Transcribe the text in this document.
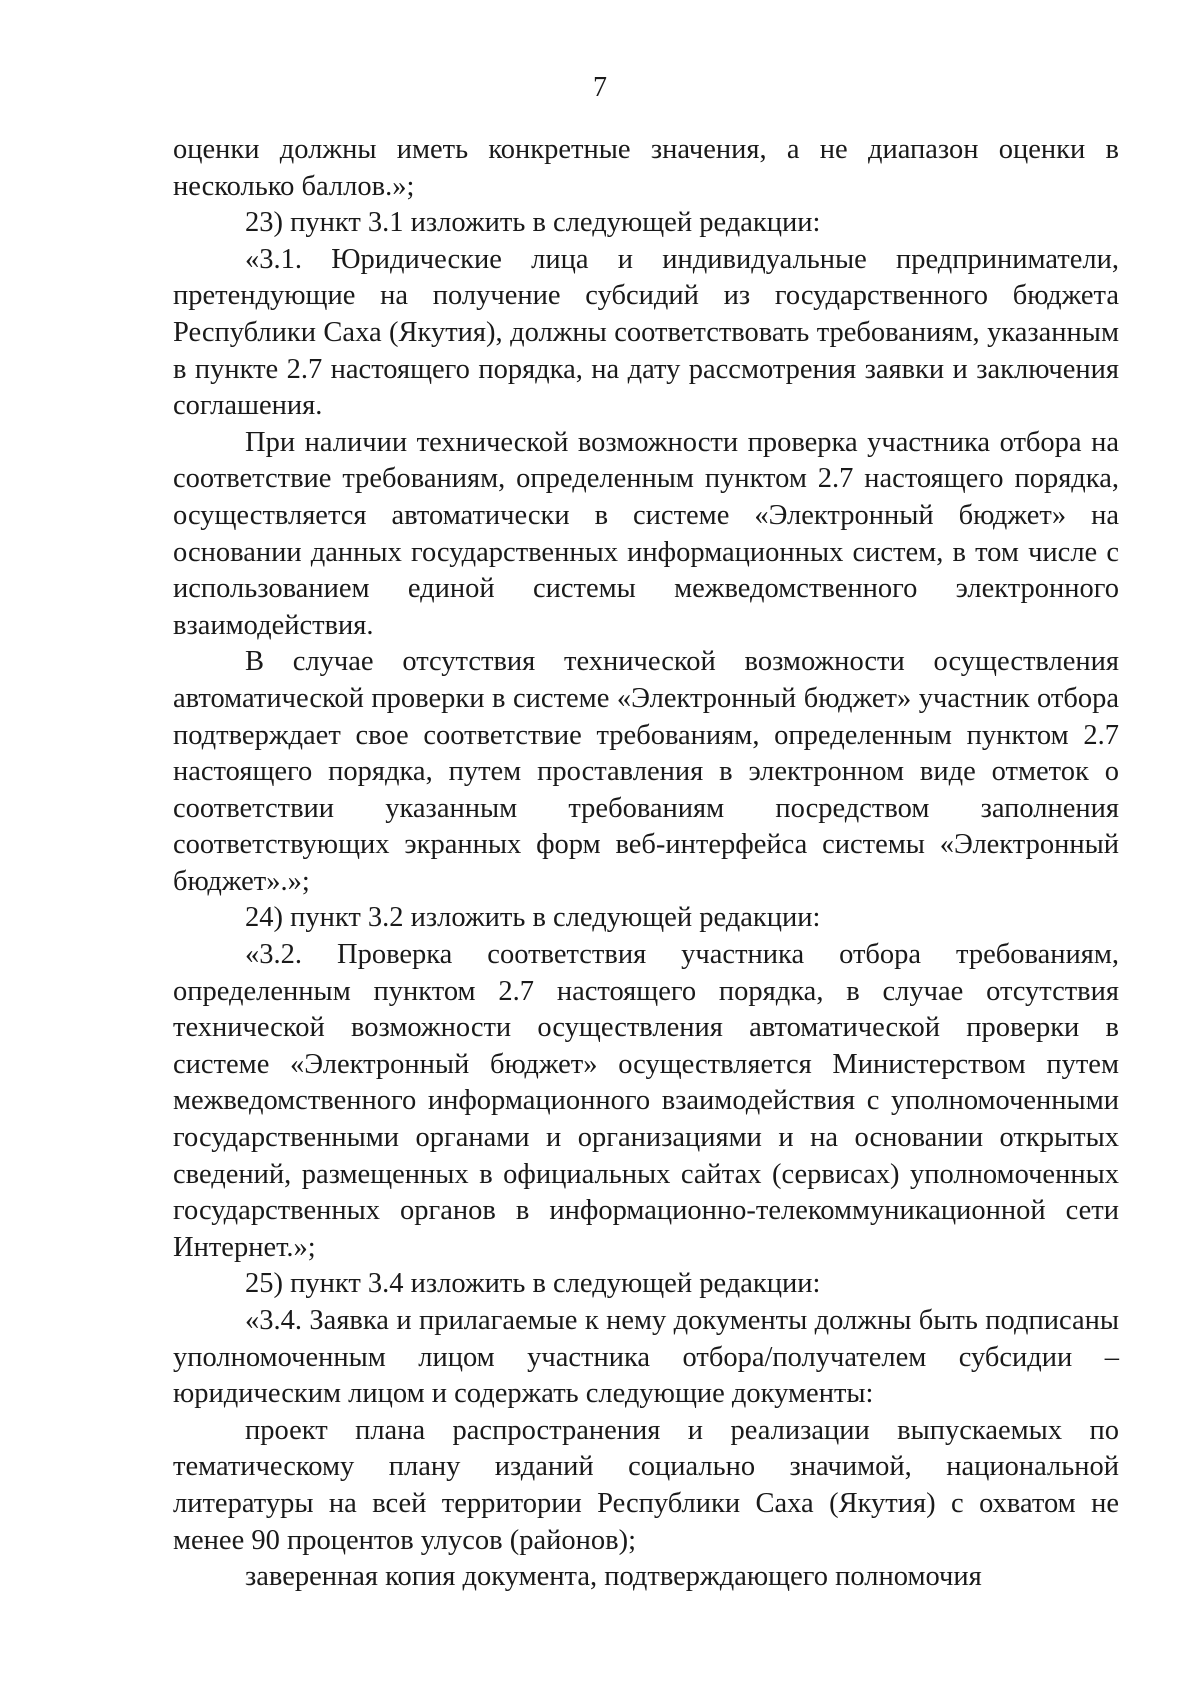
7

оценки должны иметь конкретные значения, а не диапазон оценки в несколько баллов.»;

23) пункт 3.1 изложить в следующей редакции:

«3.1. Юридические лица и индивидуальные предприниматели, претендующие на получение субсидий из государственного бюджета Республики Саха (Якутия), должны соответствовать требованиям, указанным в пункте 2.7 настоящего порядка, на дату рассмотрения заявки и заключения соглашения.

При наличии технической возможности проверка участника отбора на соответствие требованиям, определенным пунктом 2.7 настоящего порядка, осуществляется автоматически в системе «Электронный бюджет» на основании данных государственных информационных систем, в том числе с использованием единой системы межведомственного электронного взаимодействия.

В случае отсутствия технической возможности осуществления автоматической проверки в системе «Электронный бюджет» участник отбора подтверждает свое соответствие требованиям, определенным пунктом 2.7 настоящего порядка, путем проставления в электронном виде отметок о соответствии указанным требованиям посредством заполнения соответствующих экранных форм веб-интерфейса системы «Электронный бюджет».»;

24) пункт 3.2 изложить в следующей редакции:

«3.2. Проверка соответствия участника отбора требованиям, определенным пунктом 2.7 настоящего порядка, в случае отсутствия технической возможности осуществления автоматической проверки в системе «Электронный бюджет» осуществляется Министерством путем межведомственного информационного взаимодействия с уполномоченными государственными органами и организациями и на основании открытых сведений, размещенных в официальных сайтах (сервисах) уполномоченных государственных органов в информационно-телекоммуникационной сети Интернет.»;

25) пункт 3.4 изложить в следующей редакции:

«3.4. Заявка и прилагаемые к нему документы должны быть подписаны уполномоченным лицом участника отбора/получателем субсидии – юридическим лицом и содержать следующие документы:

проект плана распространения и реализации выпускаемых по тематическому плану изданий социально значимой, национальной литературы на всей территории Республики Саха (Якутия) с охватом не менее 90 процентов улусов (районов);

заверенная копия документа, подтверждающего полномочия
